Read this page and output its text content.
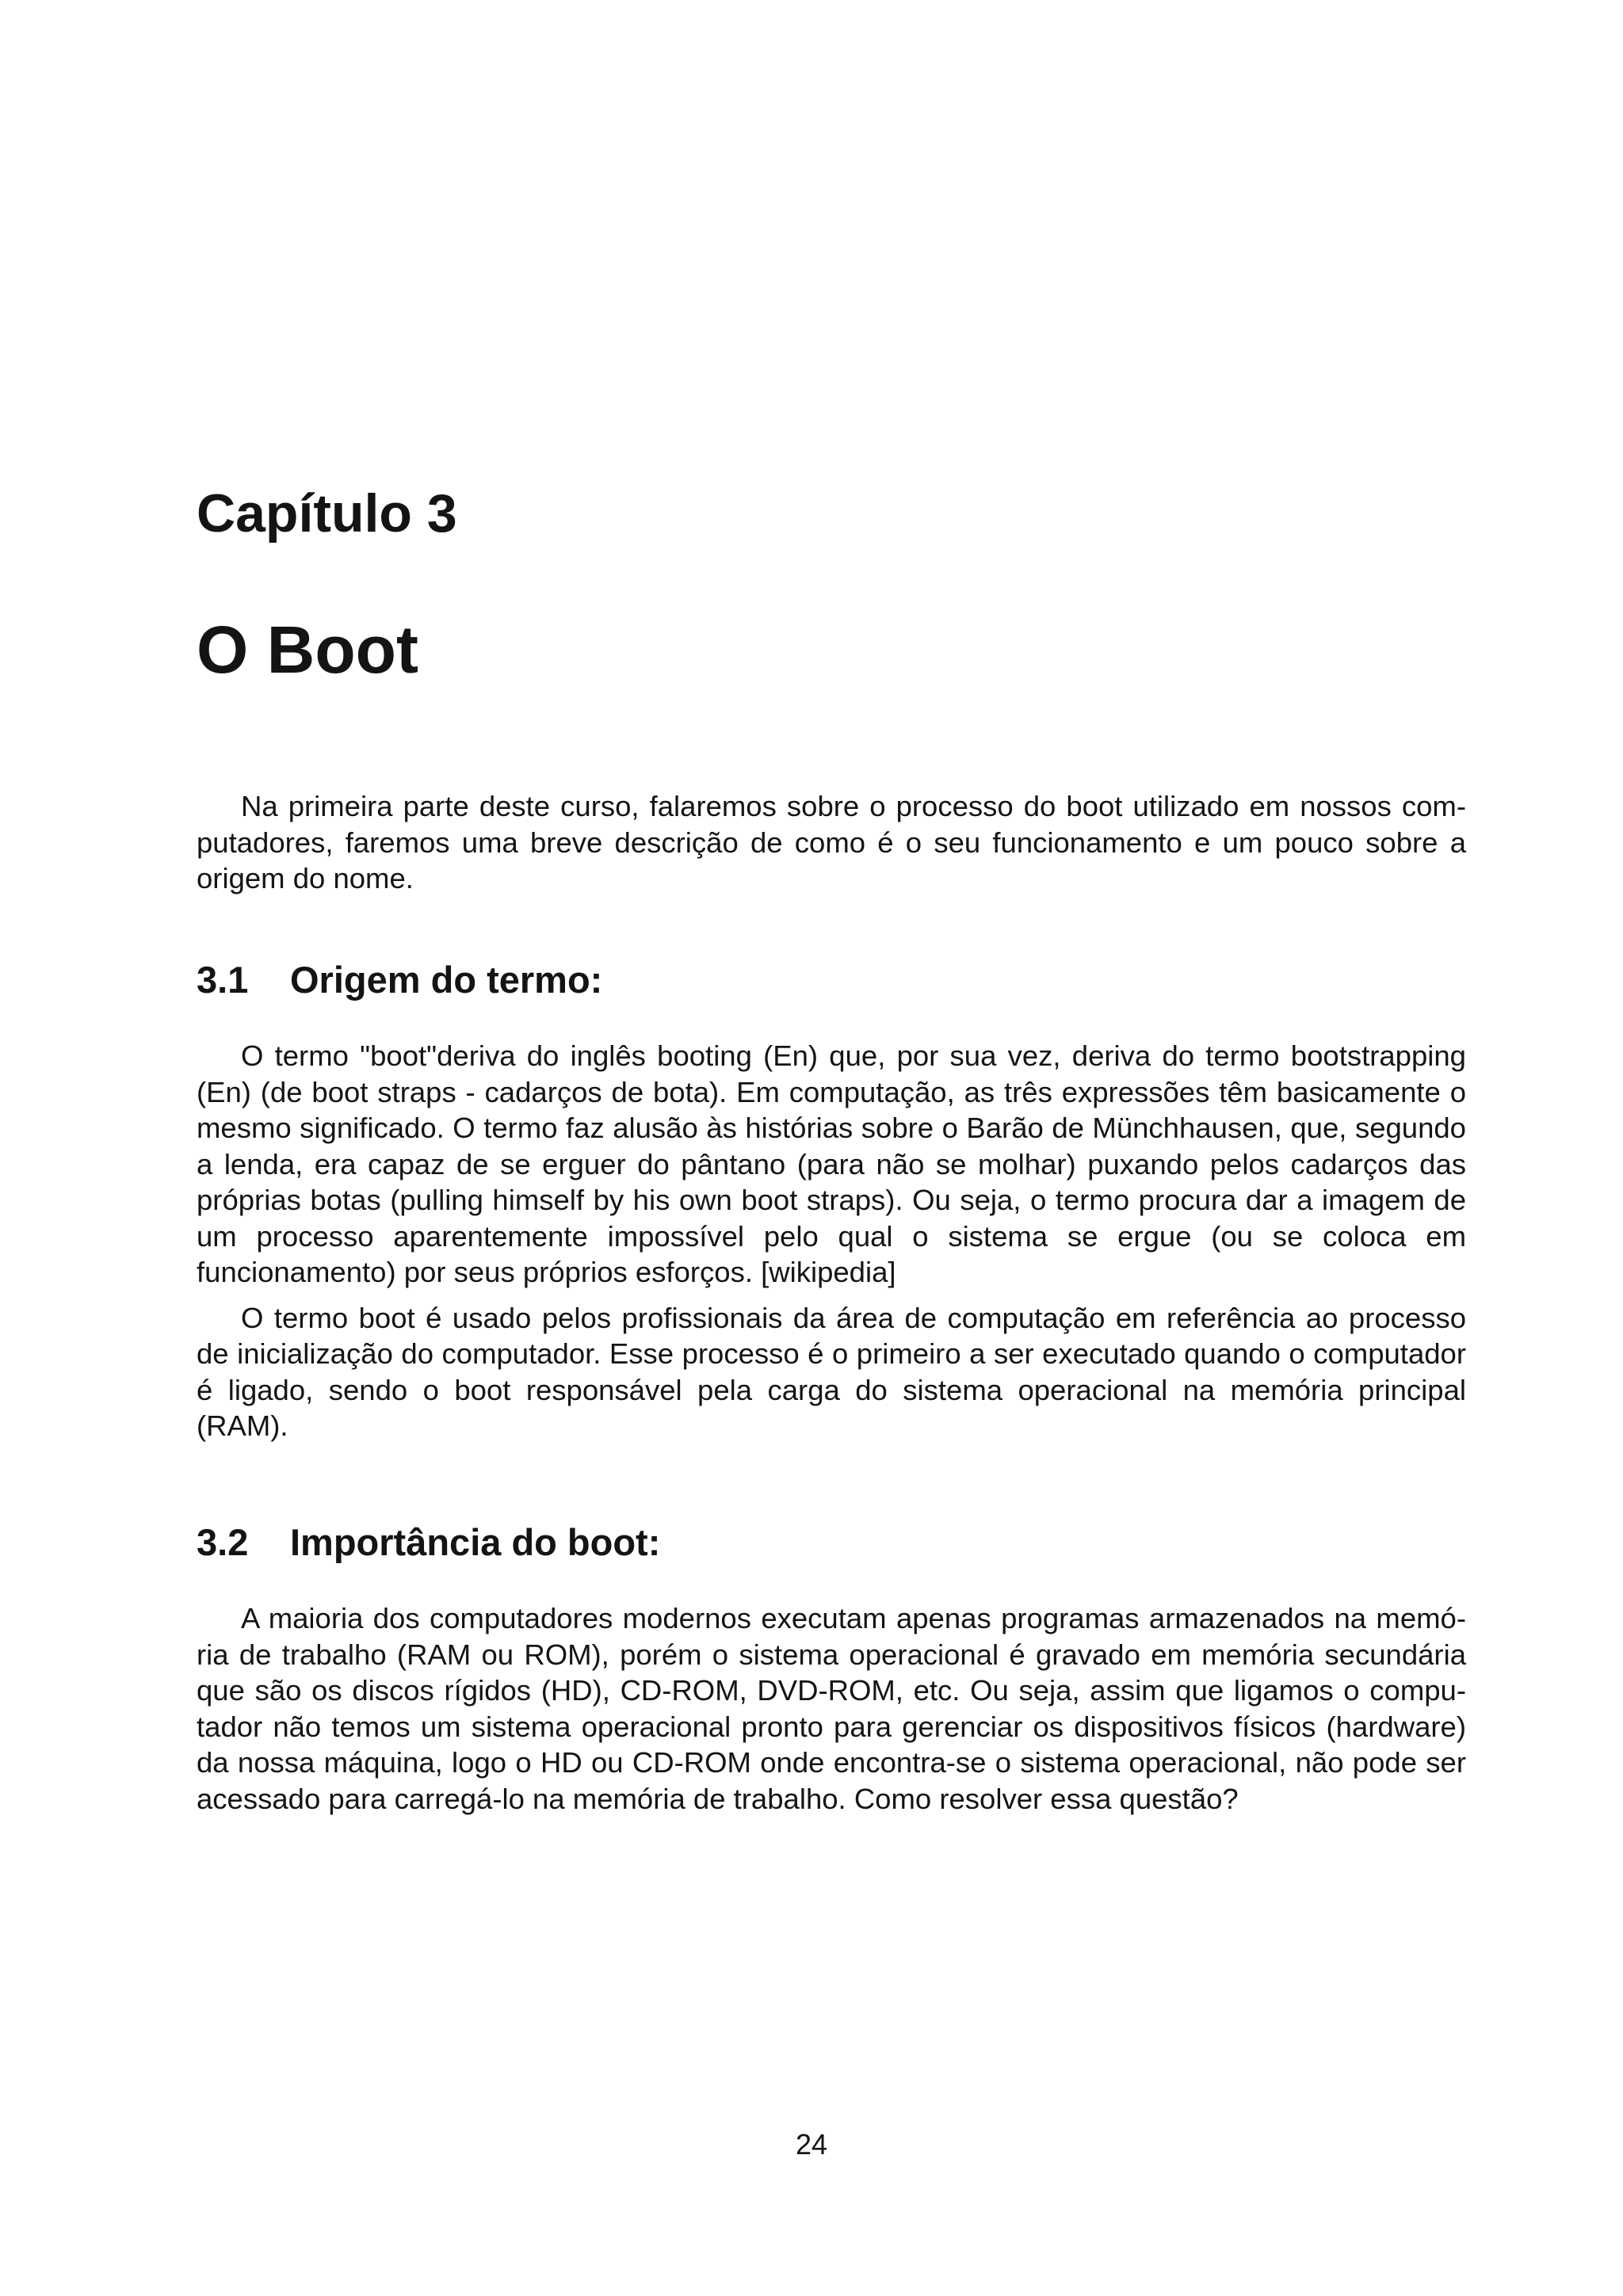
Capítulo 3
O Boot

Na primeira parte deste curso, falaremos sobre o processo do boot utilizado em nossos computadores, faremos uma breve descrição de como é o seu funcionamento e um pouco sobre a origem do nome.

3.1 Origem do termo:

O termo "boot"deriva do inglês booting (En) que, por sua vez, deriva do termo bootstrapping (En) (de boot straps - cadarços de bota). Em computação, as três expressões têm basicamente o mesmo significado. O termo faz alusão às histórias sobre o Barão de Münchhausen, que, segundo a lenda, era capaz de se erguer do pântano (para não se molhar) puxando pelos cadarços das próprias botas (pulling himself by his own boot straps). Ou seja, o termo procura dar a imagem de um processo aparentemente impossível pelo qual o sistema se ergue (ou se coloca em funcionamento) por seus próprios esforços. [wikipedia]

O termo boot é usado pelos profissionais da área de computação em referência ao processo de inicialização do computador. Esse processo é o primeiro a ser executado quando o computador é ligado, sendo o boot responsável pela carga do sistema operacional na memória principal (RAM).

3.2 Importância do boot:

A maioria dos computadores modernos executam apenas programas armazenados na memória de trabalho (RAM ou ROM), porém o sistema operacional é gravado em memória secundária que são os discos rígidos (HD), CD-ROM, DVD-ROM, etc. Ou seja, assim que ligamos o computador não temos um sistema operacional pronto para gerenciar os dispositivos físicos (hardware) da nossa máquina, logo o HD ou CD-ROM onde encontra-se o sistema operacional, não pode ser acessado para carregá-lo na memória de trabalho. Como resolver essa questão?

24
